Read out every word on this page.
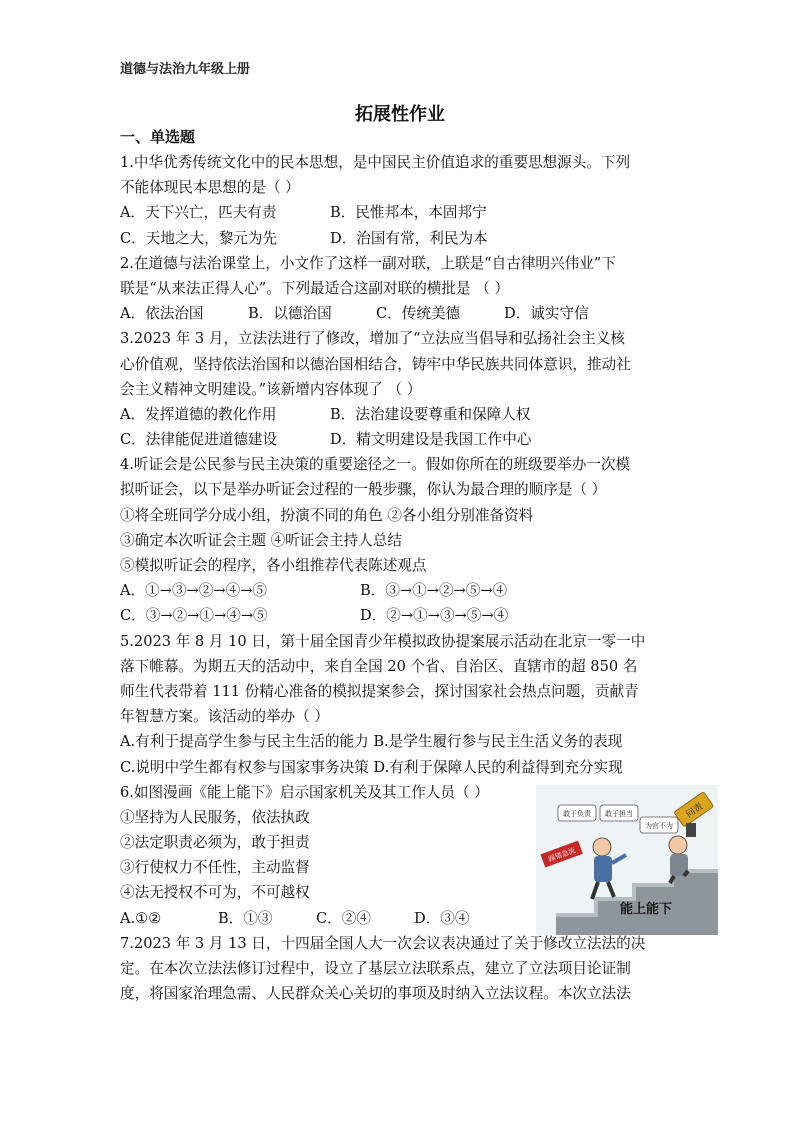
道德与法治九年级上册
拓展性作业
一、单选题
1.中华优秀传统文化中的民本思想，是中国民主价值追求的重要思想源头。下列
不能体现民本思想的是（ ）
A．天下兴亡，匹夫有责	B．民惟邦本，本固邦宁
C．天地之大，黎元为先	D．治国有常，利民为本
2.在道德与法治课堂上，小文作了这样一副对联，上联是“自古律明兴伟业”下
联是“从来法正得人心”。下列最适合这副对联的横批是 （ ）
A．依法治国	B．以德治国	C．传统美德	D．诚实守信
3.2023 年 3 月，立法法进行了修改，增加了“立法应当倡导和弘扬社会主义核
心价值观，坚持依法治国和以德治国相结合，铸牢中华民族共同体意识，推动社
会主义精神文明建设。”该新增内容体现了 （ ）
A．发挥道德的教化作用	B．法治建设要尊重和保障人权
C．法律能促进道德建设	D．精文明建设是我国工作中心
4.听证会是公民参与民主决策的重要途径之一。假如你所在的班级要举办一次模
拟听证会，以下是举办听证会过程的一般步骤，你认为最合理的顺序是（ ）
①将全班同学分成小组，扮演不同的角色 ②各小组分别准备资料
③确定本次听证会主题 ④听证会主持人总结
⑤模拟听证会的程序，各小组推荐代表陈述观点
A．①→③→②→④→⑤	B．③→①→②→⑤→④
C．③→②→①→④→⑤	D．②→①→③→⑤→④
5.2023 年 8 月 10 日，第十届全国青少年模拟政协提案展示活动在北京一零一中
落下帷幕。为期五天的活动中，来自全国 20 个省、自治区、直辖市的超 850 名
师生代表带着 111 份精心准备的模拟提案参会，探讨国家社会热点问题，贡献青
年智慧方案。该活动的举办（ ）
A.有利于提高学生参与民主生活的能力 B.是学生履行参与民主生活义务的表现
C.说明中学生都有权参与国家事务决策 D.有利于保障人民的利益得到充分实现
6.如图漫画《能上能下》启示国家机关及其工作人员（ ）
①坚持为人民服务，依法执政
②法定职责必须为，敢于担责
③行使权力不任性，主动监督
④法无授权不可为，不可越权
A.①②	B．①③	C．②④	D．③④
7.2023 年 3 月 13 日，十四届全国人大一次会议表决通过了关于修改立法法的决
定。在本次立法法修订过程中，设立了基层立法联系点，建立了立法项目论证制
度，将国家治理急需、人民群众关心关切的事项及时纳入立法议程。本次立法法
敢于负责 敢于担当
为官不为
问责
踩错急流
能上能下
